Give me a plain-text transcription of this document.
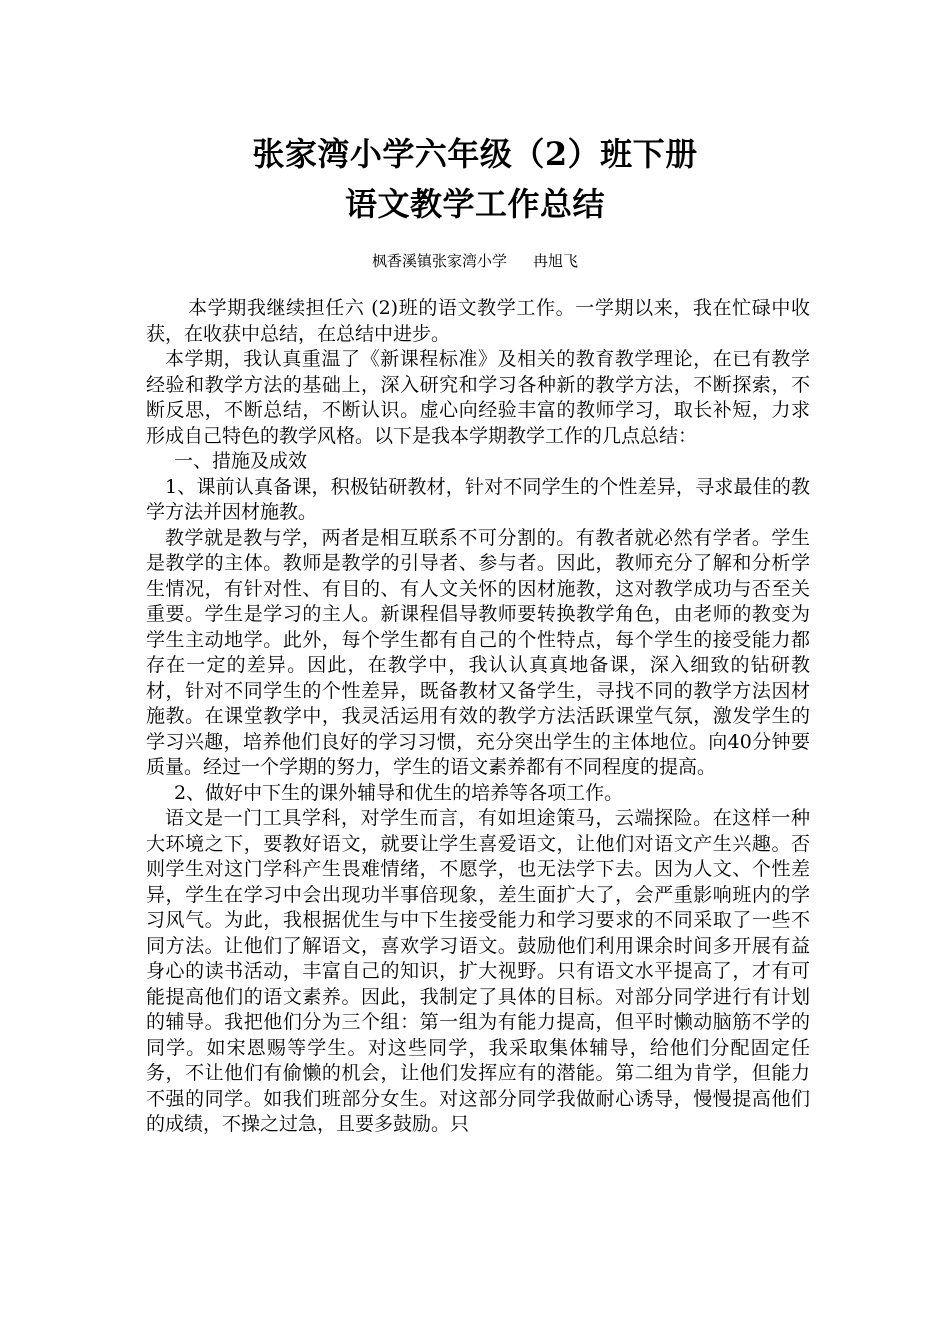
张家湾小学六年级（2）班下册
语文教学工作总结
枫香溪镇张家湾小学 冉旭飞

本学期我继续担任六 (2)班的语文教学工作。一学期以来，我在忙碌中收获，在收获中总结，在总结中进步。

本学期，我认真重温了《新课程标准》及相关的教育教学理论，在已有教学经验和教学方法的基础上，深入研究和学习各种新的教学方法，不断探索，不断反思，不断总结，不断认识。虚心向经验丰富的教师学习，取长补短，力求形成自己特色的教学风格。以下是我本学期教学工作的几点总结：

一、措施及成效

1、课前认真备课，积极钻研教材，针对不同学生的个性差异，寻求最佳的教学方法并因材施教。

教学就是教与学，两者是相互联系不可分割的。有教者就必然有学者。学生是教学的主体。教师是教学的引导者、参与者。因此，教师充分了解和分析学生情况，有针对性、有目的、有人文关怀的因材施教，这对教学成功与否至关重要。学生是学习的主人。新课程倡导教师要转换教学角色，由老师的教变为学生主动地学。此外，每个学生都有自己的个性特点，每个学生的接受能力都存在一定的差异。因此，在教学中，我认认真真地备课，深入细致的钻研教材，针对不同学生的个性差异，既备教材又备学生，寻找不同的教学方法因材施教。在课堂教学中，我灵活运用有效的教学方法活跃课堂气氛，激发学生的学习兴趣，培养他们良好的学习习惯，充分突出学生的主体地位。向40分钟要质量。经过一个学期的努力，学生的语文素养都有不同程度的提高。

2、做好中下生的课外辅导和优生的培养等各项工作。

语文是一门工具学科，对学生而言，有如坦途策马，云端探险。在这样一种大环境之下，要教好语文，就要让学生喜爱语文，让他们对语文产生兴趣。否则学生对这门学科产生畏难情绪，不愿学，也无法学下去。因为人文、个性差异，学生在学习中会出现功半事倍现象，差生面扩大了，会严重影响班内的学习风气。为此，我根据优生与中下生接受能力和学习要求的不同采取了一些不同方法。让他们了解语文，喜欢学习语文。鼓励他们利用课余时间多开展有益身心的读书活动，丰富自己的知识，扩大视野。只有语文水平提高了，才有可能提高他们的语文素养。因此，我制定了具体的目标。对部分同学进行有计划的辅导。我把他们分为三个组：第一组为有能力提高，但平时懒动脑筋不学的同学。如宋恩赐等学生。对这些同学，我采取集体辅导，给他们分配固定任务，不让他们有偷懒的机会，让他们发挥应有的潜能。第二组为肯学，但能力不强的同学。如我们班部分女生。对这部分同学我做耐心诱导，慢慢提高他们的成绩，不操之过急，且要多鼓励。只
